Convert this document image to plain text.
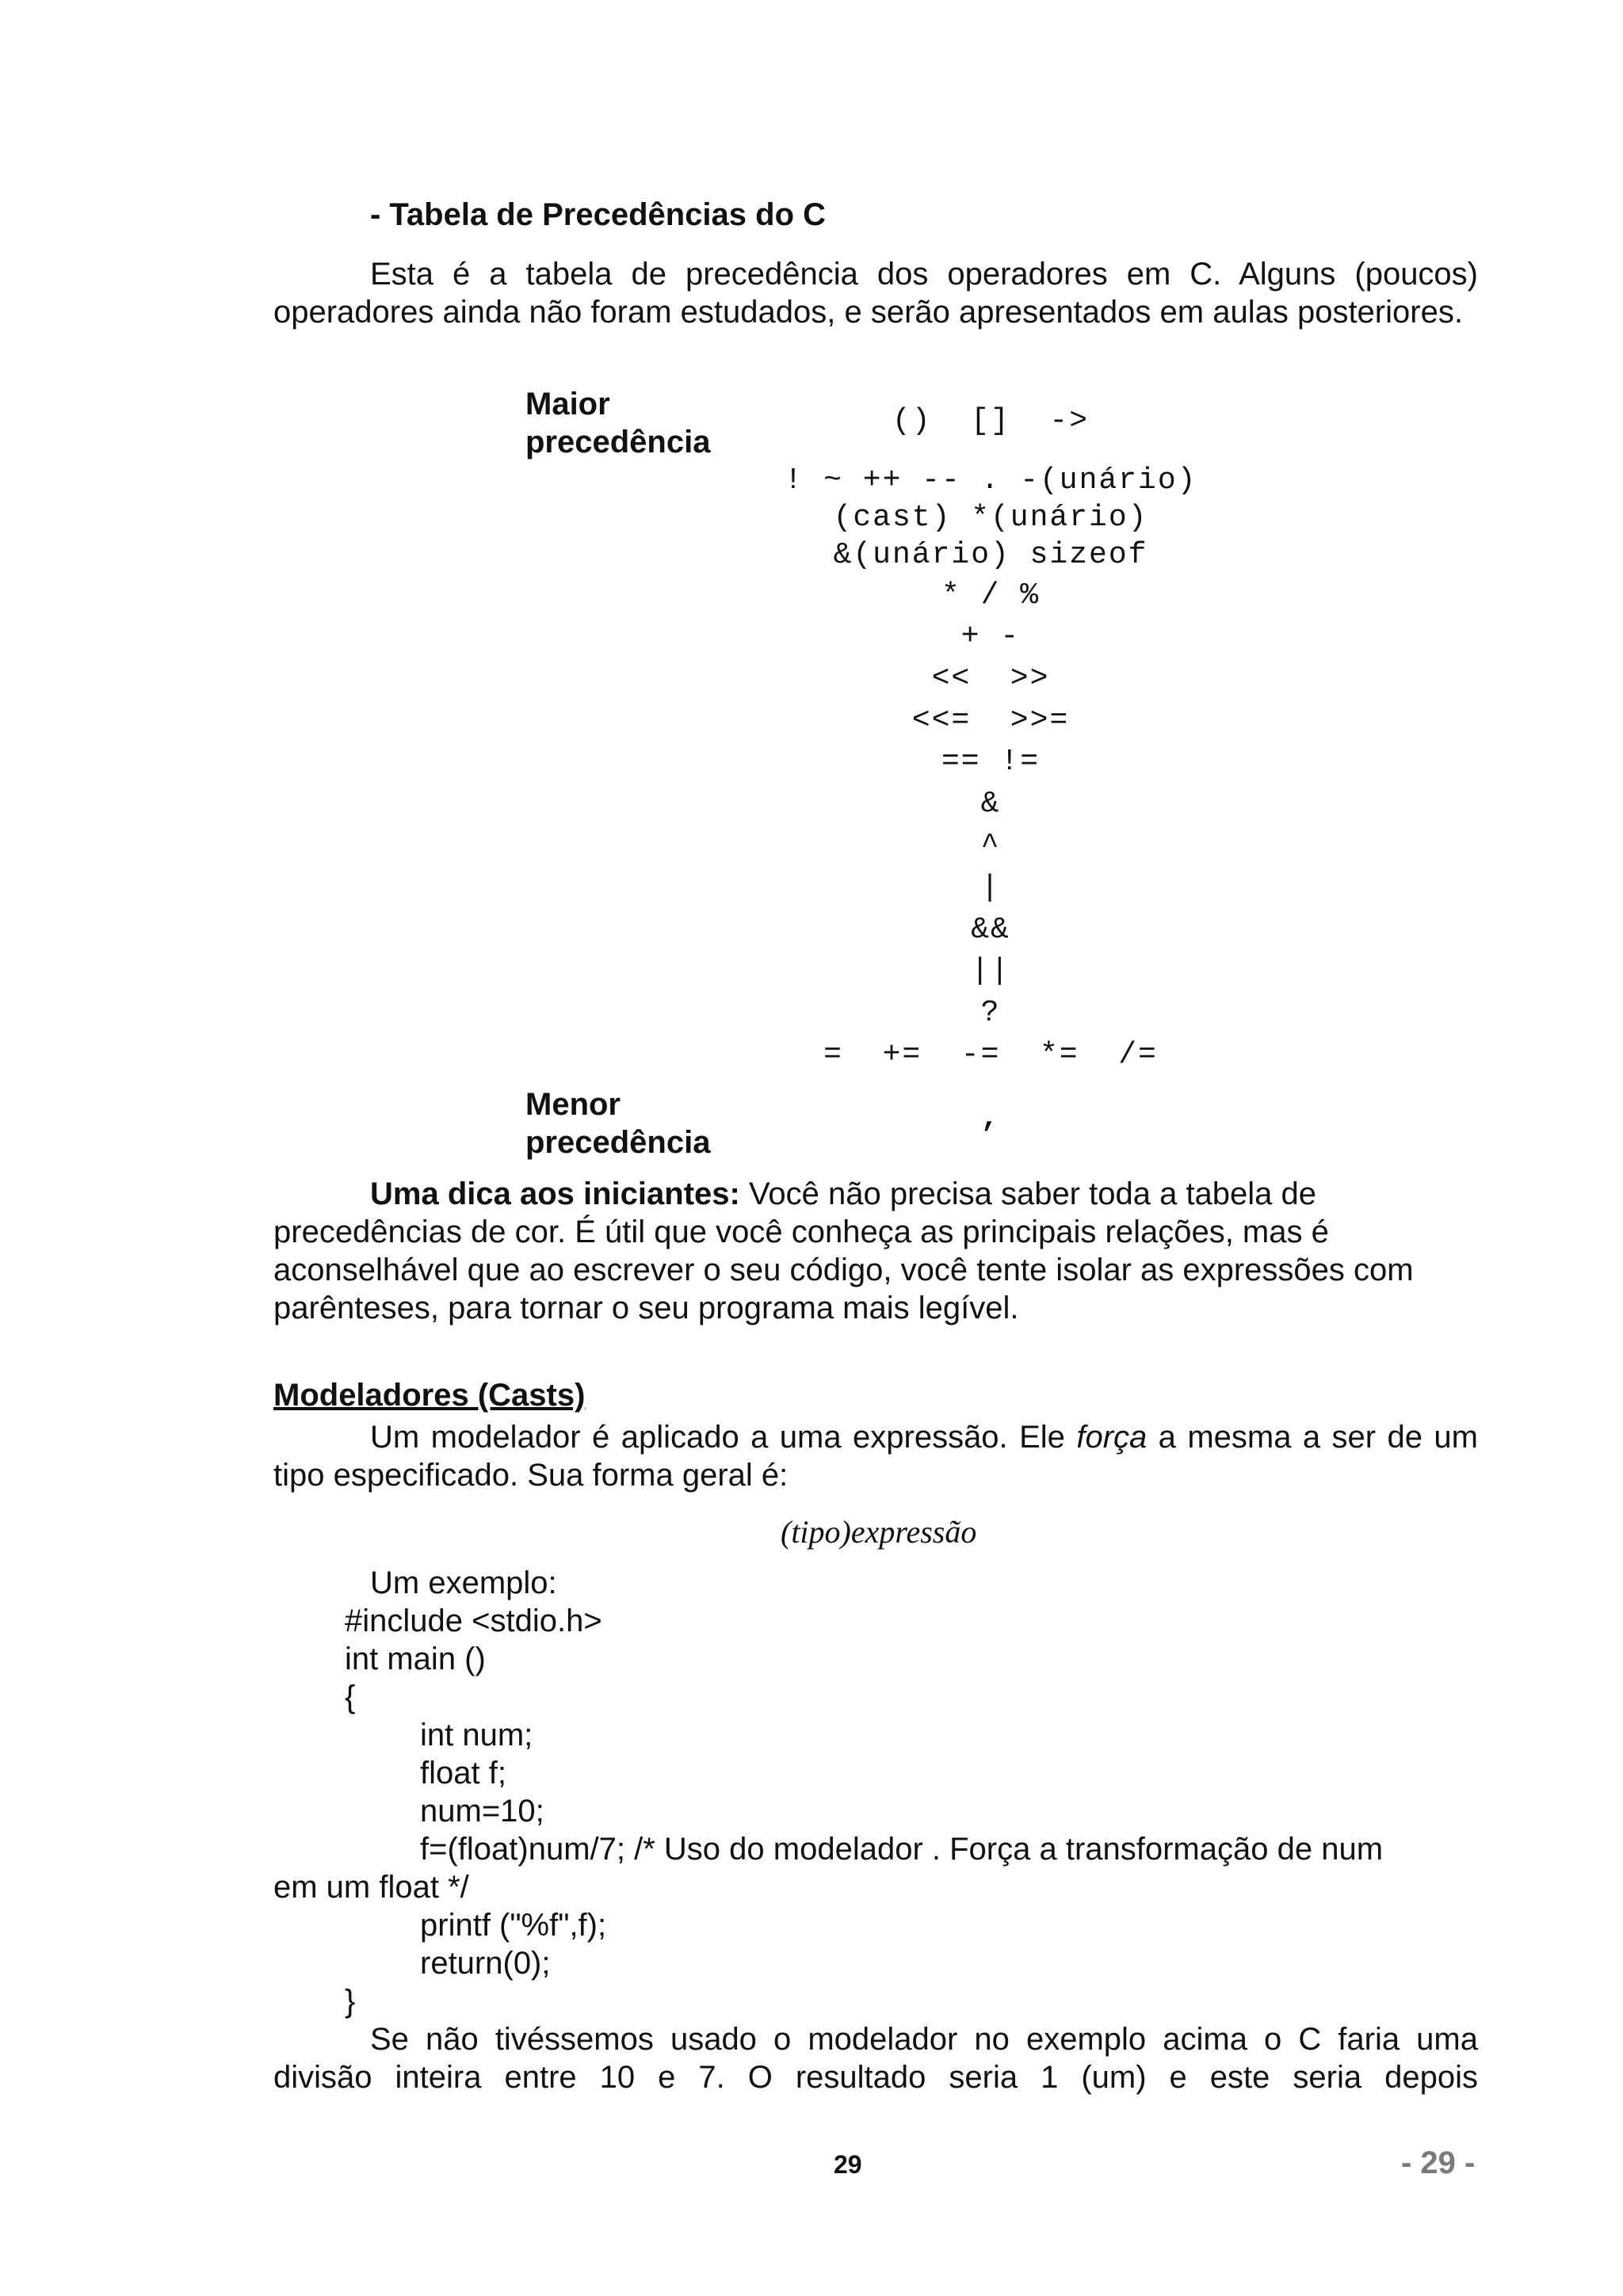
- Tabela de Precedências do C
Esta é a tabela de precedência dos operadores em C. Alguns (poucos) operadores ainda não foram estudados, e serão apresentados em aulas posteriores.
Maior
precedência
Menor
precedência
()  []  ->
! ~ ++ -- . -(unário)
(cast) *(unário)
&(unário) sizeof
* / %
+ -
<<  >>
<<=  >>=
== !=
&
^
|
&&
||
?
=  +=  -=  *=  /=
,

Uma dica aos iniciantes: Você não precisa saber toda a tabela de precedências de cor. É útil que você conheça as principais relações, mas é aconselhável que ao escrever o seu código, você tente isolar as expressões com parênteses, para tornar o seu programa mais legível.

Modeladores (Casts)

Um modelador é aplicado a uma expressão. Ele força a mesma a ser de um tipo especificado. Sua forma geral é:

(tipo)expressão
Um exemplo:
#include <stdio.h>
int main ()
{
int num;
float f;
num=10;
f=(float)num/7; /* Uso do modelador . Força a transformação de num
em um float */
printf ("%f",f);
return(0);
}
Se não tivéssemos usado o modelador no exemplo acima o C faria uma divisão inteira entre 10 e 7. O resultado seria 1 (um) e este seria depois
29	- 29 -
